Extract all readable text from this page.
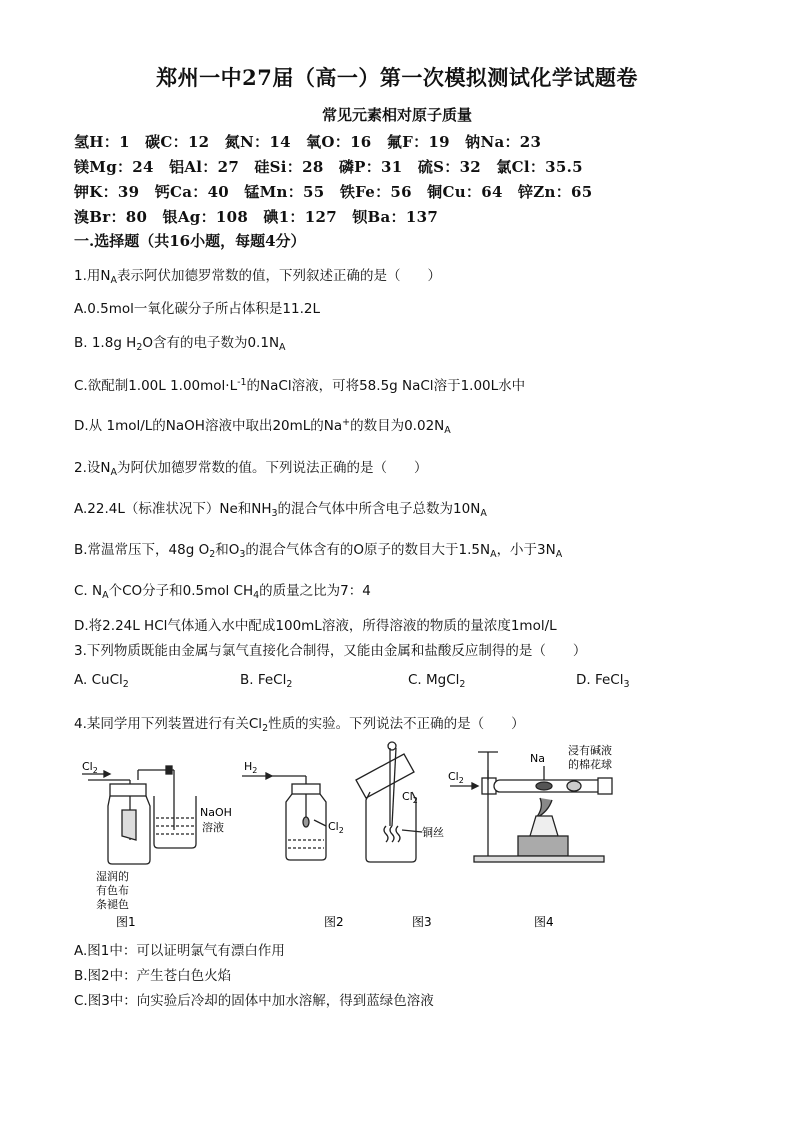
郑州一中27届（高一）第一次模拟测试化学试题卷
常见元素相对原子质量
氢H：1　碳C：12　氮N：14　氧O：16　氟F：19　钠Na：23
镁Mg：24　铝Al：27　硅Si：28　磷P：31　硫S：32　氯Cl：35.5
钾K：39　钙Ca：40　锰Mn：55　铁Fe：56　铜Cu：64　锌Zn：65
溴Br：80　银Ag：108　碘1：127　钡Ba：137
一.选择题（共16小题，每题4分）
1.用$N_A$表示阿伏加德罗常数的值，下列叙述正确的是（　　）
A.0.5mol一氧化碳分子所占体积是11.2L
B. 1.8g $H_2O$含有的电子数为$0.1N_A$
C.欲配制1.00L $1.00mol\cdot L^{-1}$的NaCl溶液，可将58.5g NaCl溶于1.00L水中
D.从 1mol/L的NaOH溶液中取出20mL的Na+的数目为$0.02N_A$
2.设$N_A$为阿伏加德罗常数的值。下列说法正确的是（　　）
A.22.4L（标准状况下）Ne和$NH_3$的混合气体中所含电子总数为$10N_A$
B.常温常压下，48g $O_2$和$O_3$的混合气体含有的O原子的数目大于$1.5N_A$，小于$3N_A$
C. $N_A$个CO分子和0.5mol $CH_4$的质量之比为7：4
D.将2.24L HCl气体通入水中配成100mL溶液，所得溶液的物质的量浓度1mol/L
3.下列物质既能由金属与氯气直接化合制得，又能由金属和盐酸反应制得的是（　　）
A. CuCl$_2$	B. FeCl$_2$	C. MgCl$_2$	D. FeCl$_3$
4.某同学用下列装置进行有关$Cl_2$性质的实验。下列说法不正确的是（　　）
$Cl_2$
NaOH
溶液
湿润的
有色布
条褪色
$H_2$
$Cl_2$
$Cl_2$
铜丝
$Cl_2$
Na
浸有碱液
的棉花球
图1	图2	图3	图4
A.图1中：可以证明氯气有漂白作用
B.图2中：产生苍白色火焰
C.图3中：向实验后冷却的固体中加水溶解，得到蓝绿色溶液
